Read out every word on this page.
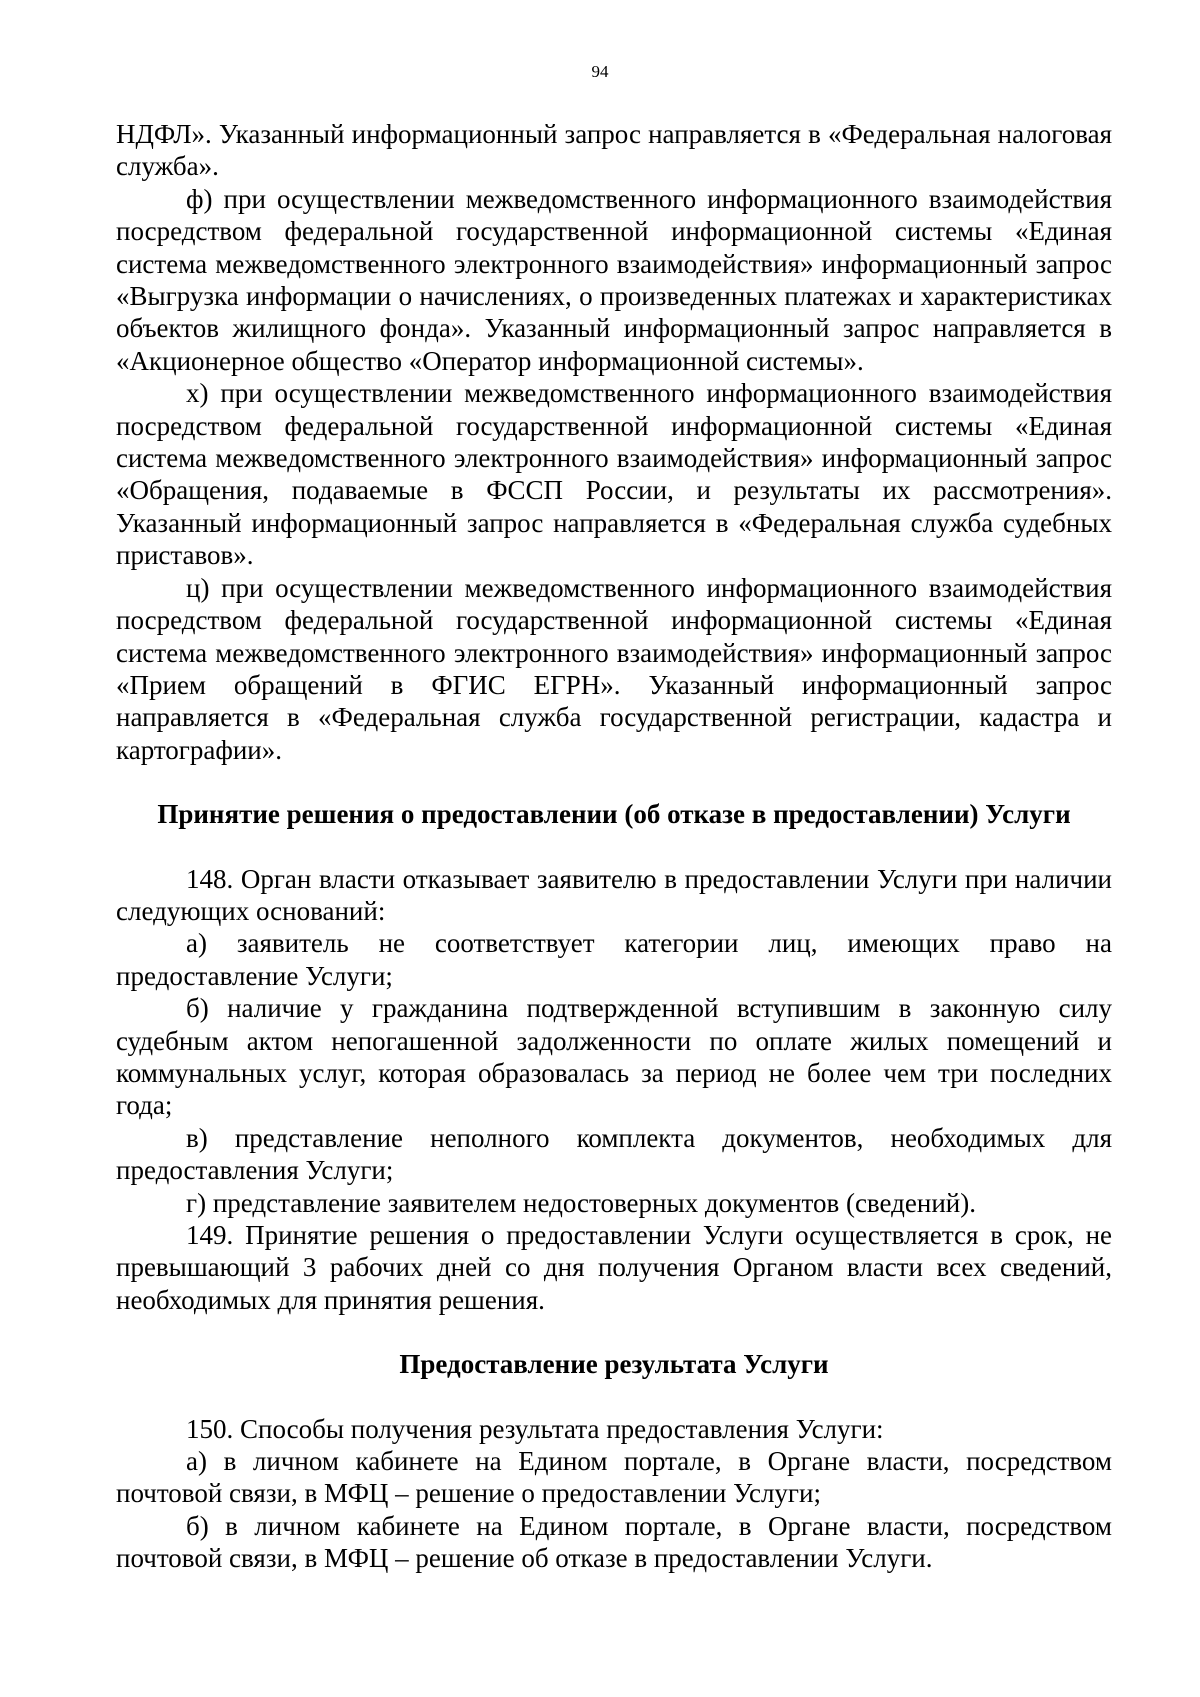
94

НДФЛ». Указанный информационный запрос направляется в «Федеральная налоговая служба».

ф) при осуществлении межведомственного информационного взаимодействия посредством федеральной государственной информационной системы «Единая система межведомственного электронного взаимодействия» информационный запрос «Выгрузка информации о начислениях, о произведенных платежах и характеристиках объектов жилищного фонда». Указанный информационный запрос направляется в «Акционерное общество «Оператор информационной системы».

х) при осуществлении межведомственного информационного взаимодействия посредством федеральной государственной информационной системы «Единая система межведомственного электронного взаимодействия» информационный запрос «Обращения, подаваемые в ФССП России, и результаты их рассмотрения». Указанный информационный запрос направляется в «Федеральная служба судебных приставов».

ц) при осуществлении межведомственного информационного взаимодействия посредством федеральной государственной информационной системы «Единая система межведомственного электронного взаимодействия» информационный запрос «Прием обращений в ФГИС ЕГРН». Указанный информационный запрос направляется в «Федеральная служба государственной регистрации, кадастра и картографии».

Принятие решения о предоставлении (об отказе в предоставлении) Услуги

148. Орган власти отказывает заявителю в предоставлении Услуги при наличии следующих оснований:

а) заявитель не соответствует категории лиц, имеющих право на предоставление Услуги;

б) наличие у гражданина подтвержденной вступившим в законную силу судебным актом непогашенной задолженности по оплате жилых помещений и коммунальных услуг, которая образовалась за период не более чем три последних года;

в) представление неполного комплекта документов, необходимых для предоставления Услуги;

г) представление заявителем недостоверных документов (сведений).

149. Принятие решения о предоставлении Услуги осуществляется в срок, не превышающий 3 рабочих дней со дня получения Органом власти всех сведений, необходимых для принятия решения.

Предоставление результата Услуги

150. Способы получения результата предоставления Услуги:

а) в личном кабинете на Едином портале, в Органе власти, посредством почтовой связи, в МФЦ – решение о предоставлении Услуги;

б) в личном кабинете на Едином портале, в Органе власти, посредством почтовой связи, в МФЦ – решение об отказе в предоставлении Услуги.
